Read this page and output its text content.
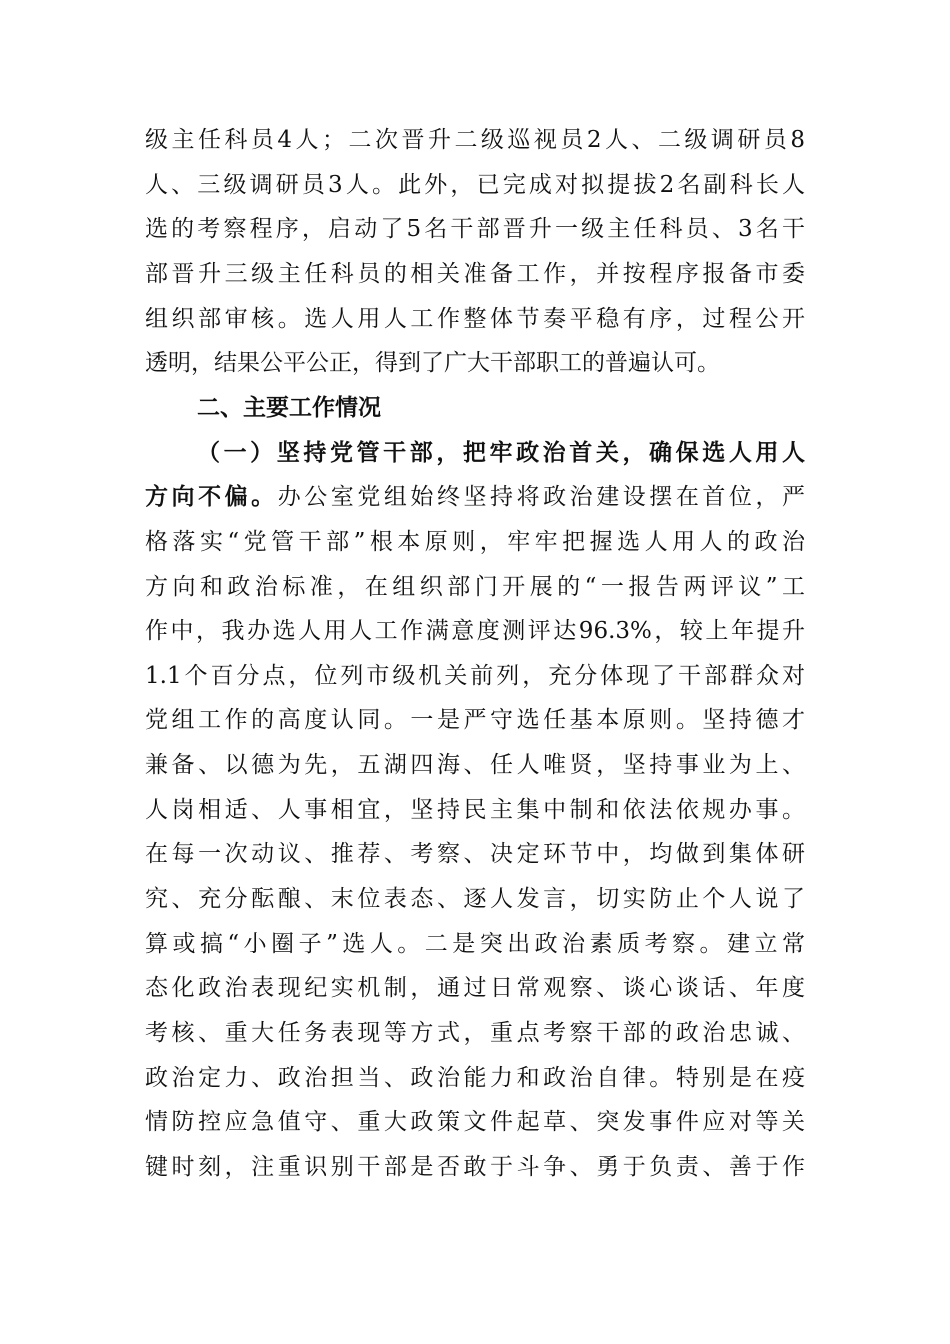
级主任科员4人；二次晋升二级巡视员2人、二级调研员8
人、三级调研员3人。此外，已完成对拟提拔2名副科长人
选的考察程序，启动了5名干部晋升一级主任科员、3名干
部晋升三级主任科员的相关准备工作，并按程序报备市委
组织部审核。选人用人工作整体节奏平稳有序，过程公开
透明，结果公平公正，得到了广大干部职工的普遍认可。
二、主要工作情况
（一）坚持党管干部，把牢政治首关，确保选人用人
方向不偏。办公室党组始终坚持将政治建设摆在首位，严
格落实“党管干部”根本原则，牢牢把握选人用人的政治
方向和政治标准，在组织部门开展的“一报告两评议”工
作中，我办选人用人工作满意度测评达96.3%，较上年提升
1.1个百分点，位列市级机关前列，充分体现了干部群众对
党组工作的高度认同。一是严守选任基本原则。坚持德才
兼备、以德为先，五湖四海、任人唯贤，坚持事业为上、
人岗相适、人事相宜，坚持民主集中制和依法依规办事。
在每一次动议、推荐、考察、决定环节中，均做到集体研
究、充分酝酿、末位表态、逐人发言，切实防止个人说了
算或搞“小圈子”选人。二是突出政治素质考察。建立常
态化政治表现纪实机制，通过日常观察、谈心谈话、年度
考核、重大任务表现等方式，重点考察干部的政治忠诚、
政治定力、政治担当、政治能力和政治自律。特别是在疫
情防控应急值守、重大政策文件起草、突发事件应对等关
键时刻，注重识别干部是否敢于斗争、勇于负责、善于作
